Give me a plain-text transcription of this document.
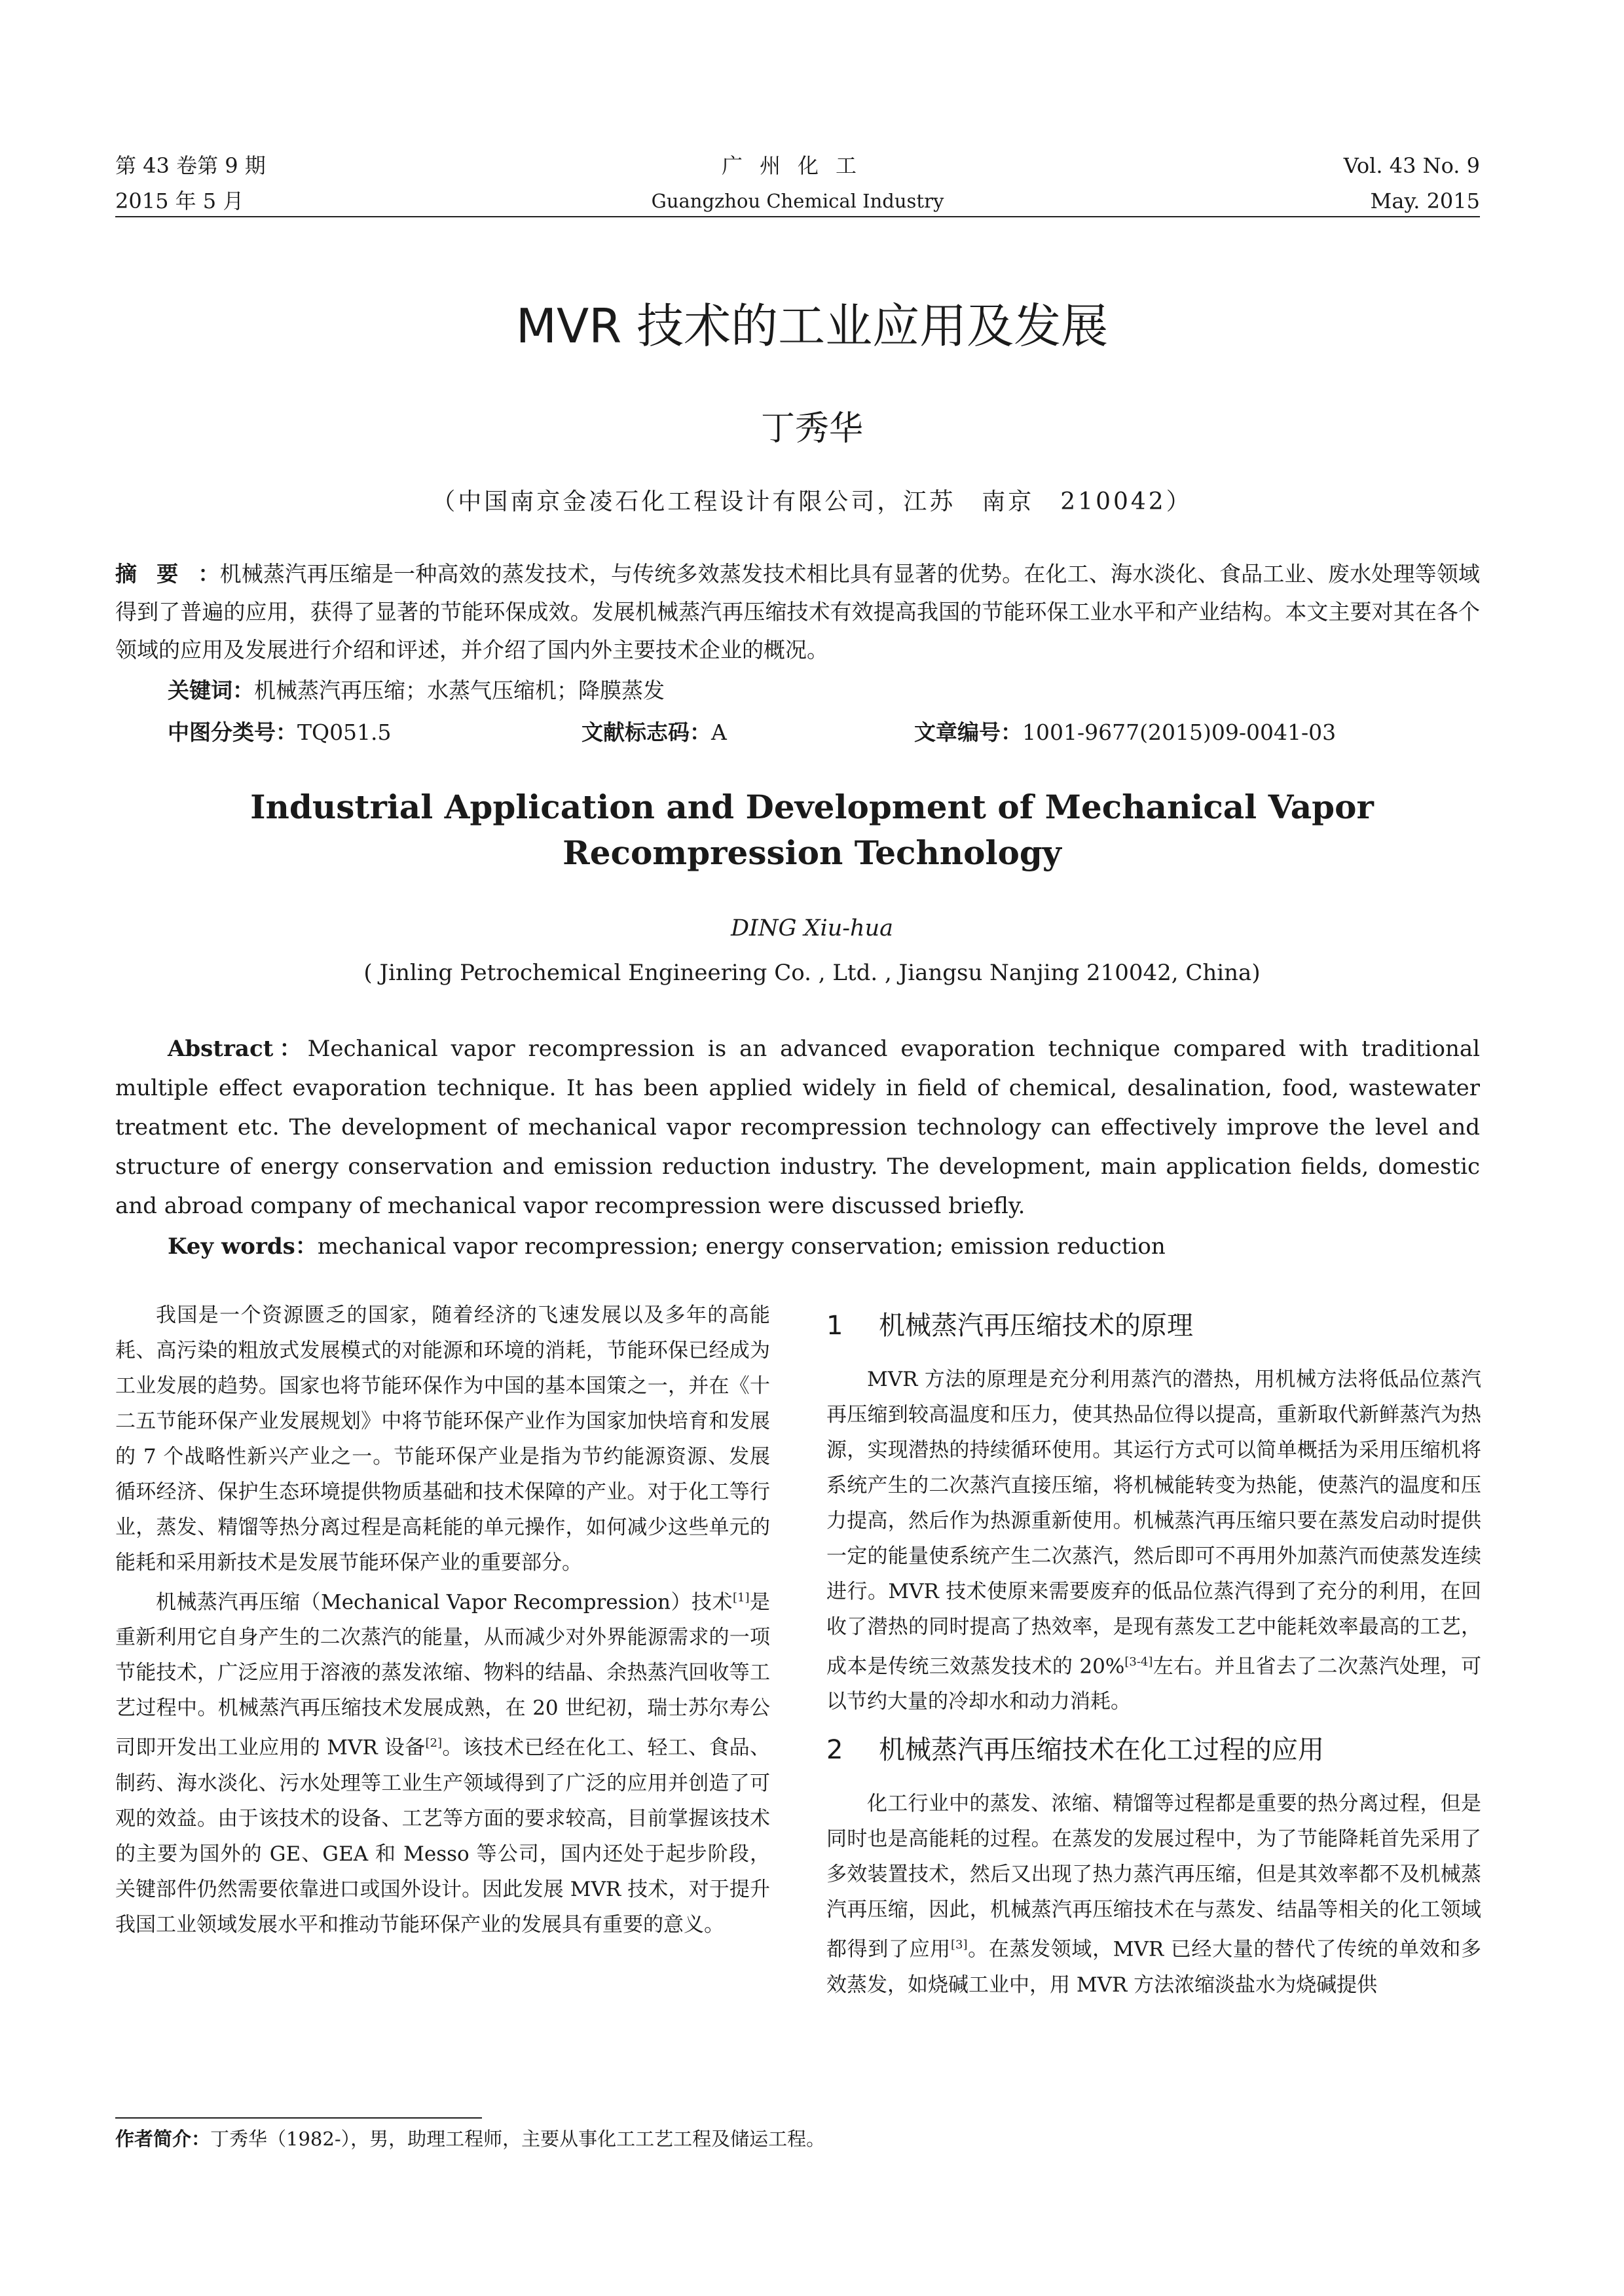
第 43 卷第 9 期
2015 年 5 月
广州化工
Guangzhou Chemical Industry
Vol. 43 No. 9
May. 2015
MVR 技术的工业应用及发展
丁秀华
（中国南京金凌石化工程设计有限公司，江苏　南京　210042）
摘要：机械蒸汽再压缩是一种高效的蒸发技术，与传统多效蒸发技术相比具有显著的优势。在化工、海水淡化、食品工业、废水处理等领域得到了普遍的应用，获得了显著的节能环保成效。发展机械蒸汽再压缩技术有效提高我国的节能环保工业水平和产业结构。本文主要对其在各个领域的应用及发展进行介绍和评述，并介绍了国内外主要技术企业的概况。
关键词：机械蒸汽再压缩；水蒸气压缩机；降膜蒸发
中图分类号：TQ051.5	文献标志码：A	文章编号：1001-9677(2015)09-0041-03
Industrial Application and Development of Mechanical Vapor
Recompression Technology
DING Xiu-hua
( Jinling Petrochemical Engineering Co. , Ltd. , Jiangsu Nanjing 210042, China)
Abstract：Mechanical vapor recompression is an advanced evaporation technique compared with traditional multiple effect evaporation technique. It has been applied widely in field of chemical, desalination, food, wastewater treatment etc. The development of mechanical vapor recompression technology can effectively improve the level and structure of energy conservation and emission reduction industry. The development, main application fields, domestic and abroad company of mechanical vapor recompression were discussed briefly.
Key words：mechanical vapor recompression; energy conservation; emission reduction

我国是一个资源匮乏的国家，随着经济的飞速发展以及多年的高能耗、高污染的粗放式发展模式的对能源和环境的消耗，节能环保已经成为工业发展的趋势。国家也将节能环保作为中国的基本国策之一，并在《十二五节能环保产业发展规划》中将节能环保产业作为国家加快培育和发展的 7 个战略性新兴产业之一。节能环保产业是指为节约能源资源、发展循环经济、保护生态环境提供物质基础和技术保障的产业。对于化工等行业，蒸发、精馏等热分离过程是高耗能的单元操作，如何减少这些单元的能耗和采用新技术是发展节能环保产业的重要部分。

机械蒸汽再压缩（Mechanical Vapor Recompression）技术[1]是重新利用它自身产生的二次蒸汽的能量，从而减少对外界能源需求的一项节能技术，广泛应用于溶液的蒸发浓缩、物料的结晶、余热蒸汽回收等工艺过程中。机械蒸汽再压缩技术发展成熟，在 20 世纪初，瑞士苏尔寿公司即开发出工业应用的 MVR 设备[2]。该技术已经在化工、轻工、食品、制药、海水淡化、污水处理等工业生产领域得到了广泛的应用并创造了可观的效益。由于该技术的设备、工艺等方面的要求较高，目前掌握该技术的主要为国外的 GE、GEA 和 Messo 等公司，国内还处于起步阶段，关键部件仍然需要依靠进口或国外设计。因此发展 MVR 技术，对于提升我国工业领域发展水平和推动节能环保产业的发展具有重要的意义。

1 机械蒸汽再压缩技术的原理

MVR 方法的原理是充分利用蒸汽的潜热，用机械方法将低品位蒸汽再压缩到较高温度和压力，使其热品位得以提高，重新取代新鲜蒸汽为热源，实现潜热的持续循环使用。其运行方式可以简单概括为采用压缩机将系统产生的二次蒸汽直接压缩，将机械能转变为热能，使蒸汽的温度和压力提高，然后作为热源重新使用。机械蒸汽再压缩只要在蒸发启动时提供一定的能量使系统产生二次蒸汽，然后即可不再用外加蒸汽而使蒸发连续进行。MVR 技术使原来需要废弃的低品位蒸汽得到了充分的利用，在回收了潜热的同时提高了热效率，是现有蒸发工艺中能耗效率最高的工艺，成本是传统三效蒸发技术的 20%[3-4]左右。并且省去了二次蒸汽处理，可以节约大量的冷却水和动力消耗。

2 机械蒸汽再压缩技术在化工过程的应用

化工行业中的蒸发、浓缩、精馏等过程都是重要的热分离过程，但是同时也是高能耗的过程。在蒸发的发展过程中，为了节能降耗首先采用了多效装置技术，然后又出现了热力蒸汽再压缩，但是其效率都不及机械蒸汽再压缩，因此，机械蒸汽再压缩技术在与蒸发、结晶等相关的化工领域都得到了应用[3]。在蒸发领域，MVR 已经大量的替代了传统的单效和多效蒸发，如烧碱工业中，用 MVR 方法浓缩淡盐水为烧碱提供

作者简介：丁秀华（1982-），男，助理工程师，主要从事化工工艺工程及储运工程。
